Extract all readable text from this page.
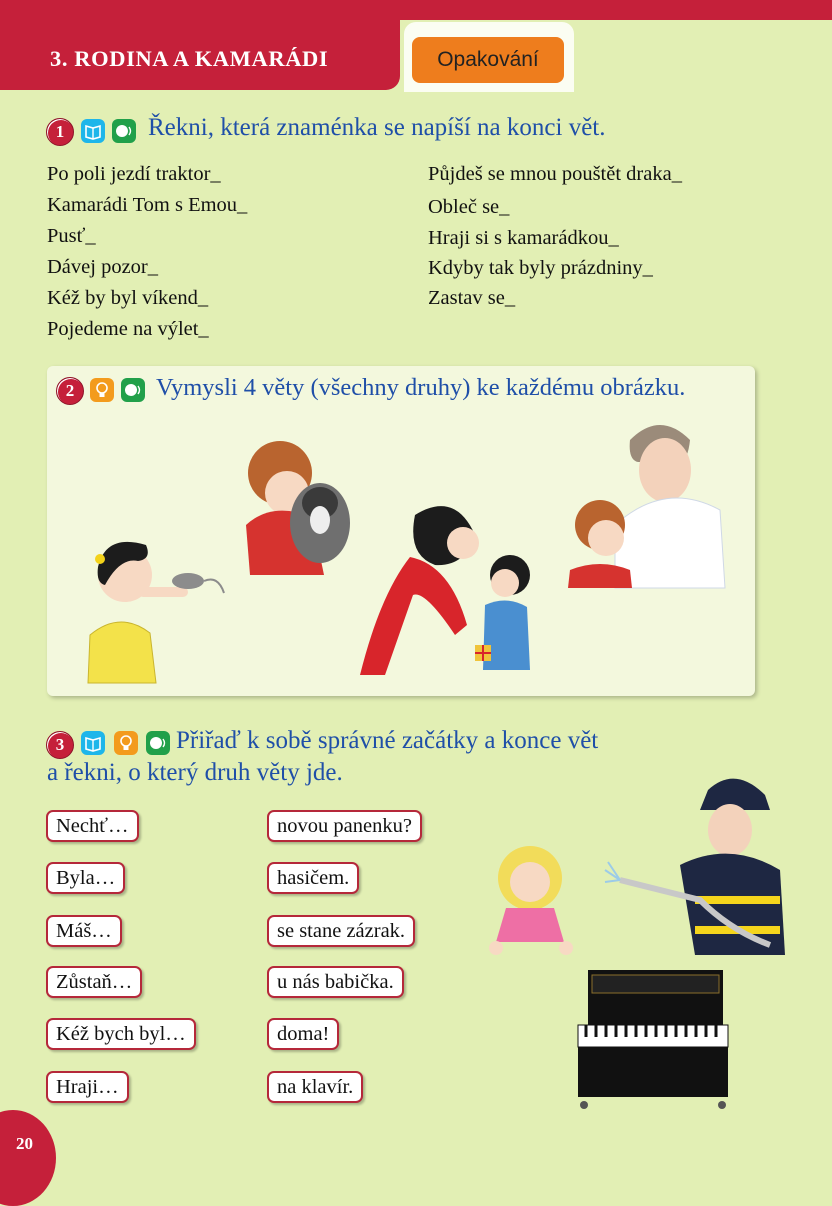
3. RODINA A KAMARÁDI	Opakování
1	Řekni, která znaménka se napíší na konci vět.
Po poli jezdí traktor_
Kamarádi Tom s Emou_
Pusť_
Dávej pozor_
Kéž by byl víkend_
Pojedeme na výlet_
Půjdeš se mnou pouštět draka_
Obleč se_
Hraji si s kamarádkou_
Kdyby tak byly prázdniny_
Zastav se_
2	Vymysli 4 věty (všechny druhy) ke každému obrázku.
3	Přiřaď k sobě správné začátky a konce vět
a řekni, o který druh věty jde.
Nechť…
Byla…
Máš…
Zůstaň…
Kéž bych byl…
Hraji…
novou panenku?
hasičem.
se stane zázrak.
u nás babička.
doma!
na klavír.
20
